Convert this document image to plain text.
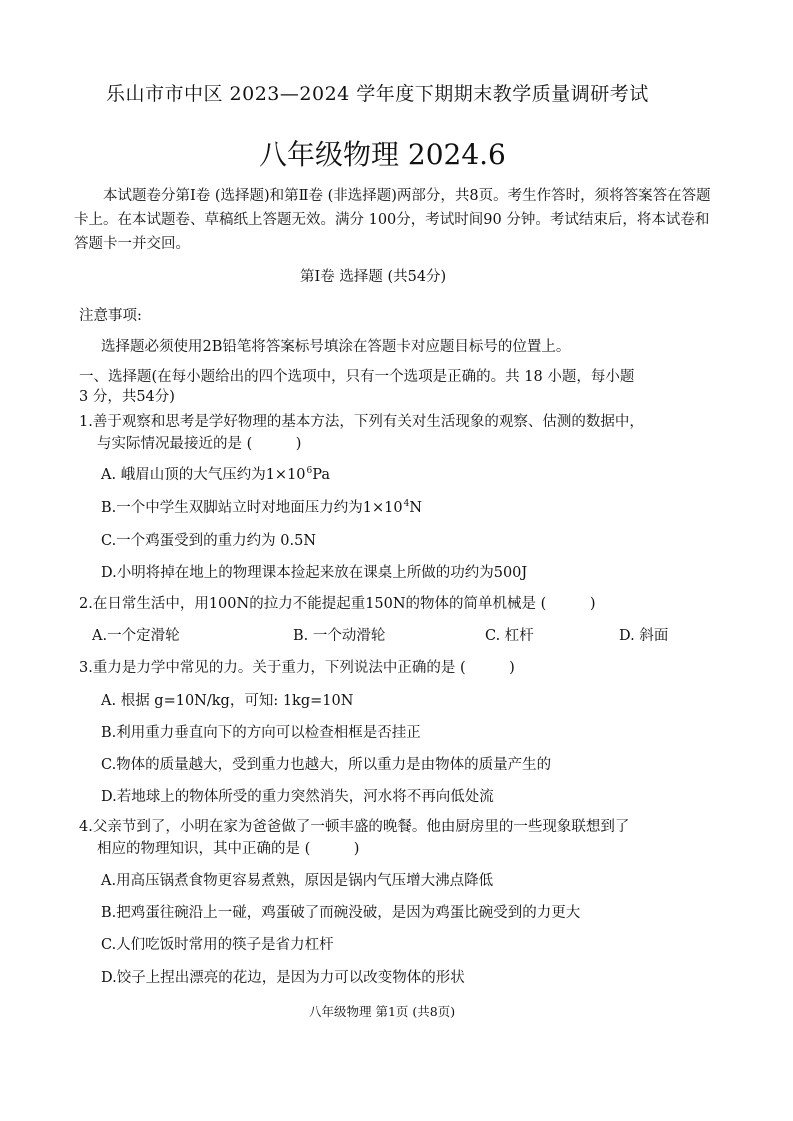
乐山市市中区 2023—2024 学年度下期期末教学质量调研考试
八年级物理 2024.6
本试题卷分第Ⅰ卷 (选择题)和第Ⅱ卷 (非选择题)两部分，共8页。考生作答时，须将答案答在答题卡上。在本试题卷、草稿纸上答题无效。满分 100分，考试时间90 分钟。考试结束后，将本试卷和答题卡一并交回。
第Ⅰ卷 选择题 (共54分)
注意事项:
选择题必须使用2B铅笔将答案标号填涂在答题卡对应题目标号的位置上。
一、选择题(在每小题给出的四个选项中，只有一个选项是正确的。共 18 小题，每小题
3 分，共54分)
1.善于观察和思考是学好物理的基本方法，下列有关对生活现象的观察、估测的数据中，
与实际情况最接近的是 (　　　)
A. 峨眉山顶的大气压约为$1\times 10^6Pa$
B.一个中学生双脚站立时对地面压力约为$1\times 10^4N$
C.一个鸡蛋受到的重力约为 0.5N
D.小明将掉在地上的物理课本捡起来放在课桌上所做的功约为500J
2.在日常生活中，用100N的拉力不能提起重150N的物体的简单机械是 (　　　)
A.一个定滑轮	B. 一个动滑轮	C. 杠杆	D. 斜面
3.重力是力学中常见的力。关于重力，下列说法中正确的是 (　　　)
A. 根据 g=10N/kg，可知: 1kg=10N
B.利用重力垂直向下的方向可以检查相框是否挂正
C.物体的质量越大，受到重力也越大，所以重力是由物体的质量产生的
D.若地球上的物体所受的重力突然消失，河水将不再向低处流
4.父亲节到了，小明在家为爸爸做了一顿丰盛的晚餐。他由厨房里的一些现象联想到了
相应的物理知识，其中正确的是 (　　　)
A.用高压锅煮食物更容易煮熟，原因是锅内气压增大沸点降低
B.把鸡蛋往碗沿上一碰，鸡蛋破了而碗没破，是因为鸡蛋比碗受到的力更大
C.人们吃饭时常用的筷子是省力杠杆
D.饺子上捏出漂亮的花边，是因为力可以改变物体的形状
八年级物理 第1页 (共8页)
